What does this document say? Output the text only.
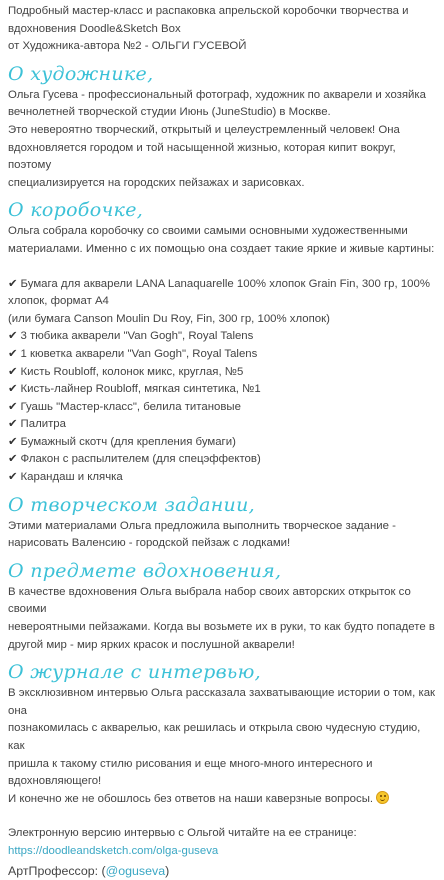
Подробный мастер-класс и распаковка апрельской коробочки творчества и

вдохновения Doodle&Sketch Box

от Художника-автора №2 - ОЛЬГИ ГУСЕВОЙ

О художнике,

Ольга Гусева - профессиональный фотограф, художник по акварели и хозяйка

вечнолетней творческой студии Июнь (JuneStudio) в Москве.

Это невероятно творческий, открытый и целеустремленный человек! Она

вдохновляется городом и той насыщенной жизнью, которая кипит вокруг, поэтому

специализируется на городских пейзажах и зарисовках.

О коробочке,

Ольга собрала коробочку со своими самыми основными художественными

материалами. Именно с их помощью она создает такие яркие и живые картины:

✔ Бумага для акварели LANA Lanaquarelle 100% хлопок Grain Fin, 300 гр, 100%
хлопок, формат А4
(или бумага Canson Moulin Du Roy, Fin, 300 гр, 100% хлопок)
✔ 3 тюбика акварели "Van Gogh", Royal Talens
✔ 1 кюветка акварели "Van Gogh", Royal Talens
✔ Кисть Roubloff, колонок микс, круглая, №5
✔ Кисть-лайнер Roubloff, мягкая синтетика, №1
✔ Гуашь "Мастер-класс", белила титановые
✔ Палитра
✔ Бумажный скотч (для крепления бумаги)
✔ Флакон с распылителем (для спецэффектов)
✔ Карандаш и клячка
О творческом задании,

Этими материалами Ольга предложила выполнить творческое задание -

нарисовать Валенсию - городской пейзаж с лодками!

О предмете вдохновения,

В качестве вдохновения Ольга выбрала набор своих авторских открыток со своими

невероятными пейзажами. Когда вы возьмете их в руки, то как будто попадете в

другой мир - мир ярких красок и послушной акварели!

О журнале с интервью,

В эксклюзивном интервью Ольга рассказала захватывающие истории о том, как она

познакомилась с акварелью, как решилась и открыла свою чудесную студию, как

пришла к такому стилю рисования и еще много-много интересного и

вдохновляющего!

И конечно же не обошлось без ответов на наши каверзные вопросы.

Электронную версию интервью с Ольгой читайте на ее странице:

https://doodleandsketch.com/olga-guseva

АртПрофессор: (@oguseva)
